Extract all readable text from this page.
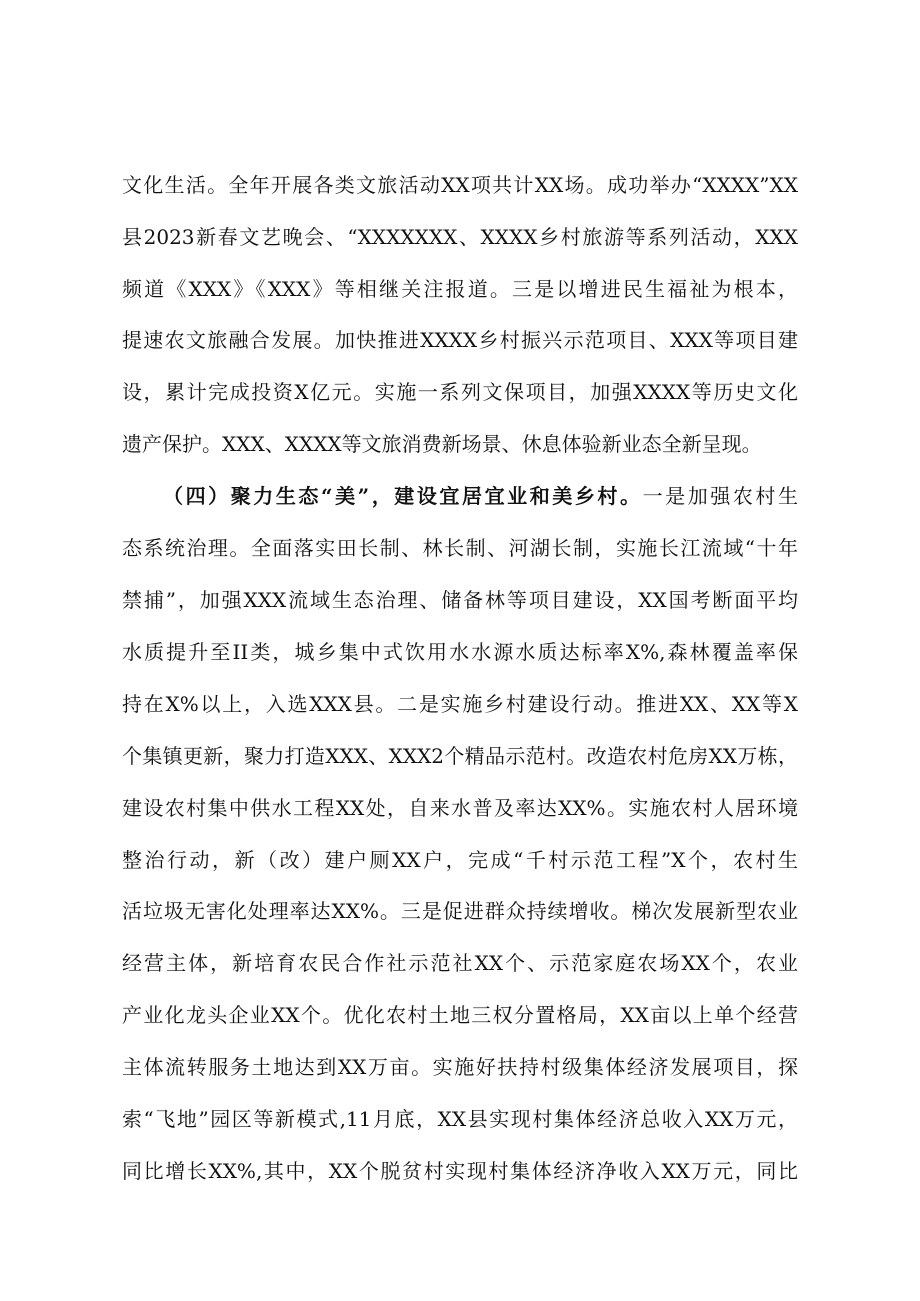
文化生活。全年开展各类文旅活动XX项共计XX场。成功举办“XXXX”XX
县2023新春文艺晚会、“XXXXXXX、XXXX乡村旅游等系列活动，XXX
频道《XXX》《XXX》等相继关注报道。三是以增进民生福祉为根本，
提速农文旅融合发展。加快推进XXXX乡村振兴示范项目、XXX等项目建
设，累计完成投资X亿元。实施一系列文保项目，加强XXXX等历史文化
遗产保护。XXX、XXXX等文旅消费新场景、休息体验新业态全新呈现。
（四）聚力生态“美”，建设宜居宜业和美乡村。一是加强农村生
态系统治理。全面落实田长制、林长制、河湖长制，实施长江流域“十年
禁捕”，加强XXX流域生态治理、储备林等项目建设，XX国考断面平均
水质提升至II类，城乡集中式饮用水水源水质达标率X%,森林覆盖率保
持在X%以上，入选XXX县。二是实施乡村建设行动。推进XX、XX等X
个集镇更新，聚力打造XXX、XXX2个精品示范村。改造农村危房XX万栋，
建设农村集中供水工程XX处，自来水普及率达XX%。实施农村人居环境
整治行动，新（改）建户厕XX户，完成“千村示范工程”X个，农村生
活垃圾无害化处理率达XX%。三是促进群众持续增收。梯次发展新型农业
经营主体，新培育农民合作社示范社XX个、示范家庭农场XX个，农业
产业化龙头企业XX个。优化农村土地三权分置格局，XX亩以上单个经营
主体流转服务土地达到XX万亩。实施好扶持村级集体经济发展项目，探
索“飞地”园区等新模式,11月底，XX县实现村集体经济总收入XX万元，
同比增长XX%,其中，XX个脱贫村实现村集体经济净收入XX万元，同比
